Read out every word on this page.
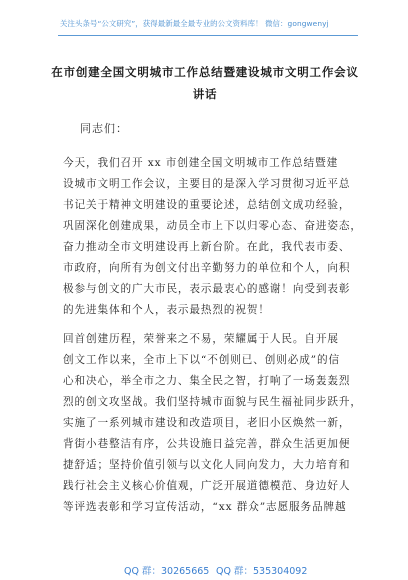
关注头条号“公文研究”，获得最新最全最专业的公文资料库！ 微信：gongwenyj
在市创建全国文明城市工作总结暨建设城市文明工作会议
讲话
同志们：
今天，我们召开 xx 市创建全国文明城市工作总结暨建
设城市文明工作会议，主要目的是深入学习贯彻习近平总
书记关于精神文明建设的重要论述，总结创文成功经验，
巩固深化创建成果，动员全市上下以归零心态、奋进姿态，
奋力推动全市文明建设再上新台阶。在此，我代表市委、
市政府，向所有为创文付出辛勤努力的单位和个人，向积
极参与创文的广大市民，表示最衷心的感谢！向受到表彰
的先进集体和个人，表示最热烈的祝贺！
回首创建历程，荣誉来之不易，荣耀属于人民。自开展
创文工作以来，全市上下以“不创则已、创则必成”的信
心和决心，举全市之力、集全民之智，打响了一场轰轰烈
烈的创文攻坚战。我们坚持城市面貌与民生福祉同步跃升，
实施了一系列城市建设和改造项目，老旧小区焕然一新，
背街小巷整洁有序，公共设施日益完善，群众生活更加便
捷舒适；坚持价值引领与以文化人同向发力，大力培育和
践行社会主义核心价值观，广泛开展道德模范、身边好人
等评选表彰和学习宣传活动，“xx 群众”志愿服务品牌越
QQ 群：30265665 QQ 群：535304092
